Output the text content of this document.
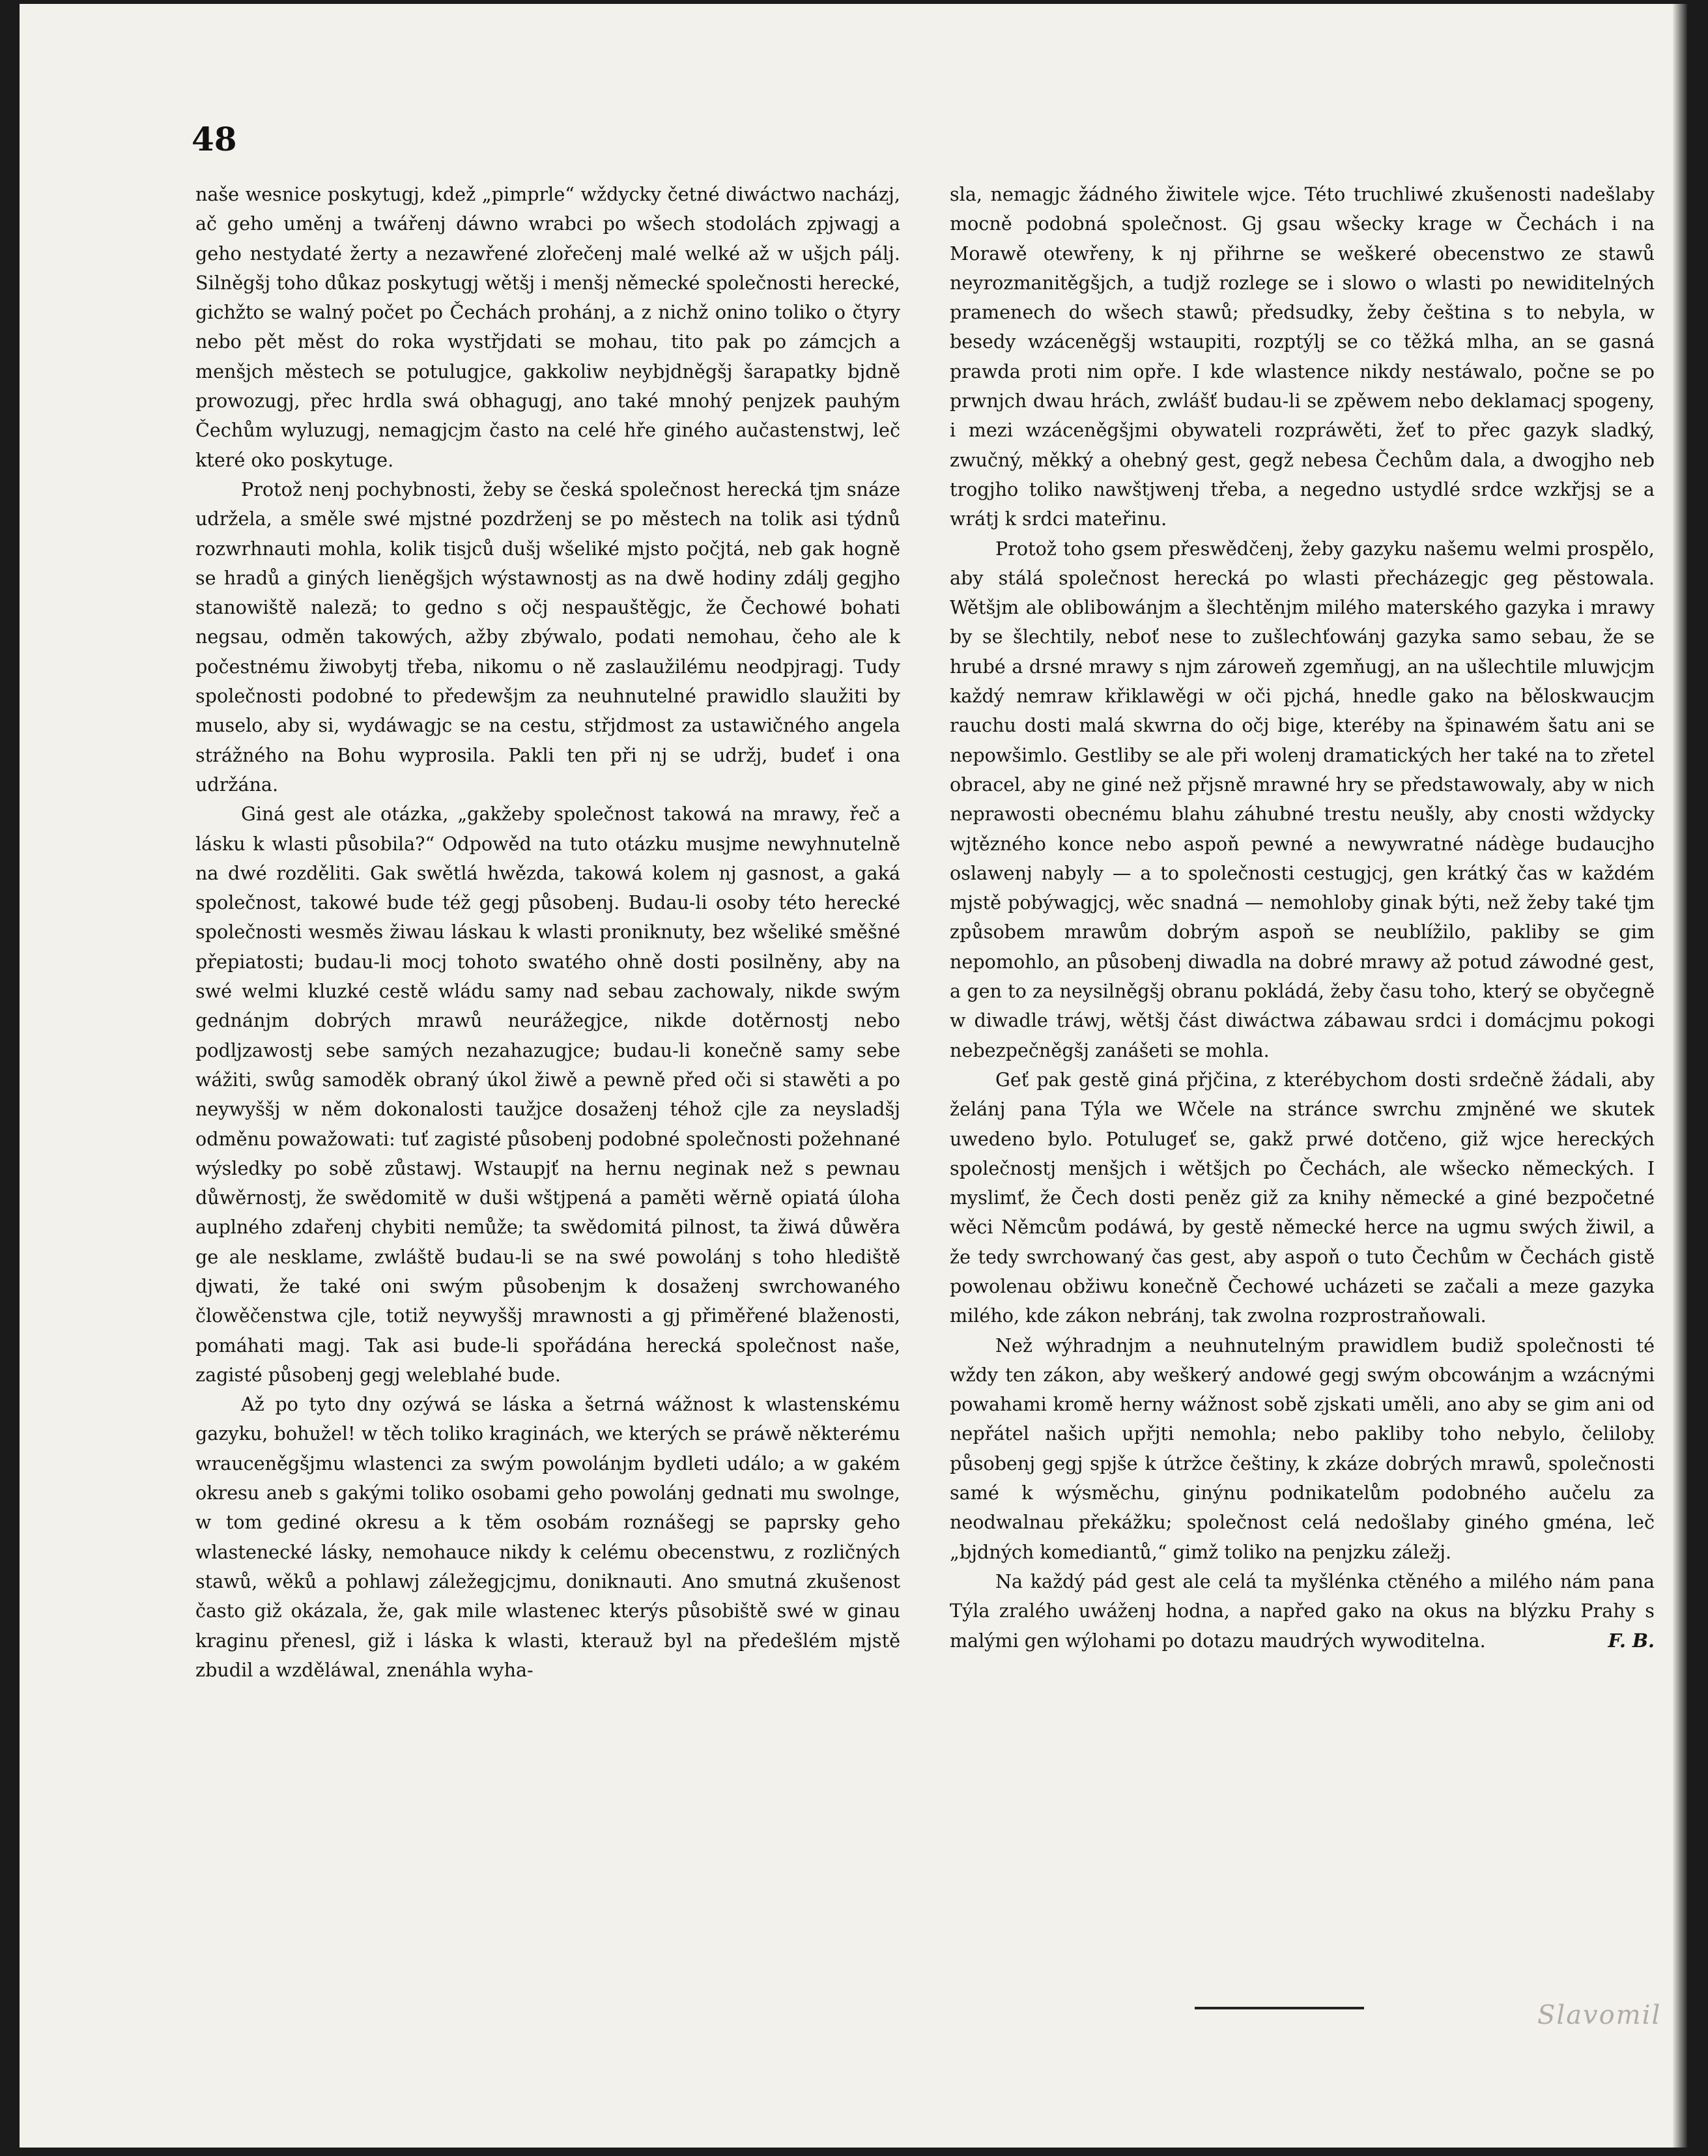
48

naše wesnice poskytugj, kdež „pimprle“ wždycky četné diwáctwo nacházj, ač geho uměnj a twářenj dáwno wrabci po wšech stodolách zpjwagj a geho nestydaté žerty a nezawřené zlořečenj malé welké až w ušjch pálj. Silněgšj toho důkaz poskytugj wětšj i menšj německé společnosti herecké, gichžto se walný počet po Čechách prohánj, a z nichž onino toliko o čtyry nebo pět měst do roka wystřjdati se mohau, tito pak po zámcjch a menšjch městech se potulugjce, gakkoliw neybjdněgšj šarapatky bjdně prowozugj, přec hrdla swá obhagugj, ano také mnohý penjzek pauhým Čechům wyluzugj, nemagjcjm často na celé hře giného aučastenstwj, leč které oko poskytuge.

Protož nenj pochybnosti, žeby se česká společnost herecká tjm snáze udržela, a směle swé mjstné pozdrženj se po městech na tolik asi týdnů rozwrhnauti mohla, kolik tisjců dušj wšeliké mjsto počjtá, neb gak hogně se hradů a giných lieněgšjch wýstawnostj as na dwě hodiny zdálj gegjho stanowiště naleză; to gedno s očj nespauštěgjc, že Čechowé bohati negsau, odměn takowých, ažby zbýwalo, podati nemohau, čeho ale k počestnému žiwobytj třeba, nikomu o ně zaslaužilému neodpjragj. Tudy společnosti podobné to předewšjm za neuhnutelné prawidlo slaužiti by muselo, aby si, wydáwagjc se na cestu, střjdmost za ustawičného angela strážného na Bohu wyprosila. Pakli ten při nj se udržj, budeť i ona udržána.

Giná gest ale otázka, „gakžeby společnost takowá na mrawy, řeč a lásku k wlasti působila?“ Odpowěd na tuto otázku musjme newyhnutelně na dwé rozděliti. Gak swětlá hwězda, takowá kolem nj gasnost, a gaká společnost, takowé bude též gegj působenj. Budau-li osoby této herecké společnosti wesměs žiwau láskau k wlasti proniknuty, bez wšeliké směšné přepiatosti; budau-li mocj tohoto swatého ohně dosti posilněny, aby na swé welmi kluzké cestě wládu samy nad sebau zachowaly, nikde swým gednánjm dobrých mrawů neurážegjce, nikde dotěrnostj nebo podljzawostj sebe samých nezahazugjce; budau-li konečně samy sebe wážiti, swůg samoděk obraný úkol žiwě a pewně před oči si stawěti a po neywyššj w něm dokonalosti taužjce dosaženj téhož cjle za neysladšj odměnu powažowati: tuť zagisté působenj podobné společnosti požehnané wýsledky po sobě zůstawj. Wstaupjť na hernu neginak než s pewnau důwěrnostj, že swědomitě w duši wštjpená a paměti wěrně opiatá úloha auplného zdařenj chybiti nemůže; ta swědomitá pilnost, ta žiwá důwěra ge ale nesklame, zwláště budau-li se na swé powolánj s toho hlediště djwati, že také oni swým působenjm k dosaženj swrchowaného člowěčenstwa cjle, totiž neywyššj mrawnosti a gj přiměřené blaženosti, pomáhati magj. Tak asi bude-li spořádána herecká společnost naše, zagisté působenj gegj weleblahé bude.

Až po tyto dny ozýwá se láska a šetrná wážnost k wlastenskému gazyku, bohužel! w těch toliko kraginách, we kterých se práwě některému wrauceněgšjmu wlastenci za swým powolánjm bydleti událo; a w gakém okresu aneb s gakými toliko osobami geho powolánj gednati mu swolnge, w tom gediné okresu a k těm osobám roznášegj se paprsky geho wlastenecké lásky, nemohauce nikdy k celému obecenstwu, z rozličných stawů, wěků a pohlawj záležegjcjmu, doniknauti. Ano smutná zkušenost často giž okázala, že, gak mile wlastenec kterýs působiště swé w ginau kraginu přenesl, giž i láska k wlasti, kterauž byl na předešlém mjstě zbudil a wzděláwal, znenáhla wyha-

sla, nemagjc žádného žiwitele wjce. Této truchliwé zkušenosti nadešlaby mocně podobná společnost. Gj gsau wšecky krage w Čechách i na Morawě otewřeny, k nj přihrne se weškeré obecenstwo ze stawů neyrozmanitěgšjch, a tudjž rozlege se i slowo o wlasti po newiditelných pramenech do wšech stawů; předsudky, žeby čeština s to nebyla, w besedy wzáceněgšj wstaupiti, rozptýlj se co těžká mlha, an se gasná prawda proti nim opře. I kde wlastence nikdy nestáwalo, počne se po prwnjch dwau hrách, zwlášť budau-li se zpěwem nebo deklamacj spogeny, i mezi wzáceněgšjmi obywateli rozpráwěti, žeť to přec gazyk sladký, zwučný, měkký a ohebný gest, gegž nebesa Čechům dala, a dwogjho neb trogjho toliko nawštjwenj třeba, a negedno ustydlé srdce wzkřjsj se a wrátj k srdci mateřinu.

Protož toho gsem přeswědčenj, žeby gazyku našemu welmi prospělo, aby stálá společnost herecká po wlasti přecházegjc geg pěstowala. Wětšjm ale oblibowánjm a šlechtěnjm milého materského gazyka i mrawy by se šlechtily, neboť nese to zušlechťowánj gazyka samo sebau, že se hrubé a drsné mrawy s njm zároweň zgemňugj, an na ušlechtile mluwjcjm každý nemraw křiklawěgi w oči pjchá, hnedle gako na běloskwaucjm rauchu dosti malá skwrna do očj bige, kteréby na špinawém šatu ani se nepowšimlo. Gestliby se ale při wolenj dramatických her také na to zřetel obracel, aby ne giné než přjsně mrawné hry se předstawowaly, aby w nich neprawosti obecnému blahu záhubné trestu neušly, aby cnosti wždycky wjtězného konce nebo aspoň pewné a newywratné nádège budaucjho oslawenj nabyly — a to společnosti cestugjcj, gen krátký čas w každém mjstě pobýwagjcj, wěc snadná — nemohloby ginak býti, než žeby také tjm způsobem mrawům dobrým aspoň se neublížilo, pakliby se gim nepomohlo, an působenj diwadla na dobré mrawy až potud záwodné gest, a gen to za neysilněgšj obranu pokládá, žeby času toho, který se obyčegně w diwadle tráwj, wětšj část diwáctwa zábawau srdci i domácjmu pokogi nebezpečněgšj zanášeti se mohla.

Geť pak gestě giná přjčina, z kterébychom dosti srdečně žádali, aby želánj pana Týla we Wčele na stránce swrchu zmjněné we skutek uwedeno bylo. Potulugeť se, gakž prwé dotčeno, giž wjce hereckých společnostj menšjch i wětšjch po Čechách, ale wšecko německých. I myslimť, že Čech dosti peněz giž za knihy německé a giné bezpočetné wěci Němcům podáwá, by gestě německé herce na ugmu swých žiwil, a že tedy swrchowaný čas gest, aby aspoň o tuto Čechům w Čechách gistě powolenau obžiwu konečně Čechowé ucházeti se začali a meze gazyka milého, kde zákon nebránj, tak zwolna rozprostraňowali.

Než wýhradnjm a neuhnutelným prawidlem budiž společnosti té wždy ten zákon, aby weškerý andowé gegj swým obcowánjm a wzácnými powahami kromě herny wážnost sobě zjskati uměli, ano aby se gim ani od nepřátel našich upřjti nemohla; nebo pakliby toho nebylo, čelilobỵ působenj gegj spjše k útržce češtiny, k zkáze dobrých mrawů, společnosti samé k wýsměchu, ginýnu podnikatelům podobného aučelu za neodwalnau překážku; společnost celá nedošlaby giného gména, leč „bjdných komediantů,“ gimž toliko na penjzku záležj.

Na každý pád gest ale celá ta myšlénka ctěného a milého nám pana Týla zralého uwáženj hodna, a napřed gako na okus na blýzku Prahy s malými gen wýlohami po dotazu maudrých wywoditelna.	F. B.

Slavomil
